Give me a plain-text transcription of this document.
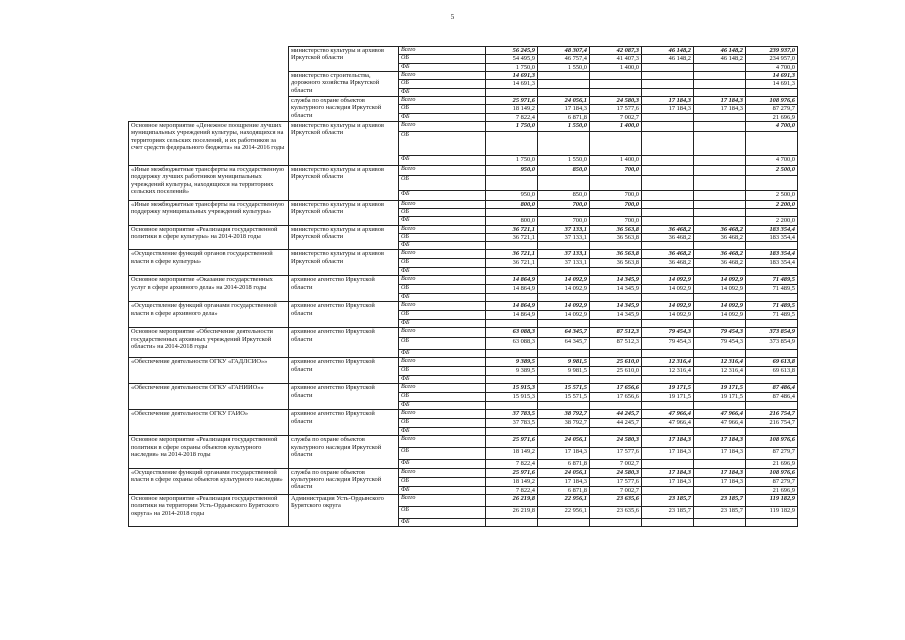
5
	министерство культуры и архивов Иркутской области	Всего	56 245,9	48 307,4	42 087,3	46 148,2	46 148,2	239 937,0
		ОБ	54 495,9	46 757,4	41 407,3	46 148,2	46 148,2	234 957,0
		ФБ	1 750,0	1 550,0	1 400,0			4 700,0
	министерство строительства, дорожного хозяйства Иркутской области	Всего	14 691,3					14 691,3
		ОБ	14 691,3					14 691,3
		ФБ						
	служба по охране объектов культурного наследия Иркутской области	Всего	25 971,6	24 056,1	24 580,3	17 184,3	17 184,3	108 976,6
		ОБ	18 149,2	17 184,3	17 577,6	17 184,3	17 184,3	87 279,7
		ФБ	7 822,4	6 871,8	7 002,7			21 696,9
Основное мероприятие «Денежное поощрение лучших муниципальных учреждений культуры, находящихся на территориях сельских поселений, и их работников за счет средств федерального бюджета» на 2014-2016 годы	министерство культуры и архивов Иркутской области	Всего	1 750,0	1 550,0	1 400,0			4 700,0
		ОБ						
		ФБ	1 750,0	1 550,0	1 400,0			4 700,0
«Иные межбюджетные трансферты на государственную поддержку лучших работников муниципальных учреждений культуры, находящихся на территориях сельских поселений»	министерство культуры и архивов Иркутской области	Всего	950,0	850,0	700,0			2 500,0
		ОБ						
		ФБ	950,0	850,0	700,0			2 500,0
«Иные межбюджетные трансферты на государственную поддержку муниципальных учреждений культуры»	министерство культуры и архивов Иркутской области	Всего	800,0	700,0	700,0			2 200,0
		ОБ						
		ФБ	800,0	700,0	700,0			2 200,0
Основное мероприятие «Реализация государственной политики в сфере культуры» на 2014-2018 годы	министерство культуры и архивов Иркутской области	Всего	36 721,1	37 133,1	36 563,8	36 468,2	36 468,2	183 354,4
		ОБ	36 721,1	37 133,1	36 563,8	36 468,2	36 468,2	183 354,4
		ФБ						
«Осуществление функций органов государственной власти в сфере культуры»	министерство культуры и архивов Иркутской области	Всего	36 721,1	37 133,1	36 563,8	36 468,2	36 468,2	183 354,4
		ОБ	36 721,1	37 133,1	36 563,8	36 468,2	36 468,2	183 354,4
		ФБ						
Основное мероприятие «Оказание государственных услуг в сфере архивного дела» на 2014-2018 годы	архивное агентство Иркутской области	Всего	14 864,9	14 092,9	14 345,9	14 092,9	14 092,9	71 489,5
		ОБ	14 864,9	14 092,9	14 345,9	14 092,9	14 092,9	71 489,5
		ФБ						
«Осуществление функций органами государственной власти в сфере архивного дела»	архивное агентство Иркутской области	Всего	14 864,9	14 092,9	14 345,9	14 092,9	14 092,9	71 489,5
		ОБ	14 864,9	14 092,9	14 345,9	14 092,9	14 092,9	71 489,5
		ФБ						
Основное мероприятие «Обеспечение деятельности государственных архивных учреждений Иркутской области» на 2014-2018 годы	архивное агентство Иркутской области	Всего	63 088,3	64 345,7	87 512,3	79 454,3	79 454,3	373 854,9
		ОБ	63 088,3	64 345,7	87 512,3	79 454,3	79 454,3	373 854,9
		ФБ						
«Обеспечение деятельности ОГКУ «ГАДЛСИО»»	архивное агентство Иркутской области	Всего	9 389,5	9 981,5	25 610,0	12 316,4	12 316,4	69 613,8
		ОБ	9 389,5	9 981,5	25 610,0	12 316,4	12 316,4	69 613,8
		ФБ						
«Обеспечение деятельности ОГКУ «ГАНИИО»»	архивное агентство Иркутской области	Всего	15 915,3	15 571,5	17 656,6	19 171,5	19 171,5	87 486,4
		ОБ	15 915,3	15 571,5	17 656,6	19 171,5	19 171,5	87 486,4
		ФБ						
«Обеспечение деятельности ОГКУ ГАИО»	архивное агентство Иркутской области	Всего	37 783,5	38 792,7	44 245,7	47 966,4	47 966,4	216 754,7
		ОБ	37 783,5	38 792,7	44 245,7	47 966,4	47 966,4	216 754,7
		ФБ						
Основное мероприятие «Реализация государственной политики в сфере охраны объектов культурного наследия» на 2014-2018 годы	служба по охране объектов культурного наследия Иркутской области	Всего	25 971,6	24 056,1	24 580,3	17 184,3	17 184,3	108 976,6
		ОБ	18 149,2	17 184,3	17 577,6	17 184,3	17 184,3	87 279,7
		ФБ	7 822,4	6 871,8	7 002,7			21 696,9
«Осуществление функций органами государственной власти в сфере охраны объектов культурного наследия»	служба по охране объектов культурного наследия Иркутской области	Всего	25 971,6	24 056,1	24 580,3	17 184,3	17 184,3	108 976,6
		ОБ	18 149,2	17 184,3	17 577,6	17 184,3	17 184,3	87 279,7
		ФБ	7 822,4	6 871,8	7 002,7			21 696,9
Основное мероприятие «Реализация государственной политики на территории Усть-Ордынского Бурятского округа» на 2014-2018 годы	Администрация Усть-Ордынского Бурятского округа	Всего	26 219,8	22 956,1	23 635,6	23 185,7	23 185,7	119 182,9
		ОБ	26 219,8	22 956,1	23 635,6	23 185,7	23 185,7	119 182,9
		ФБ						
